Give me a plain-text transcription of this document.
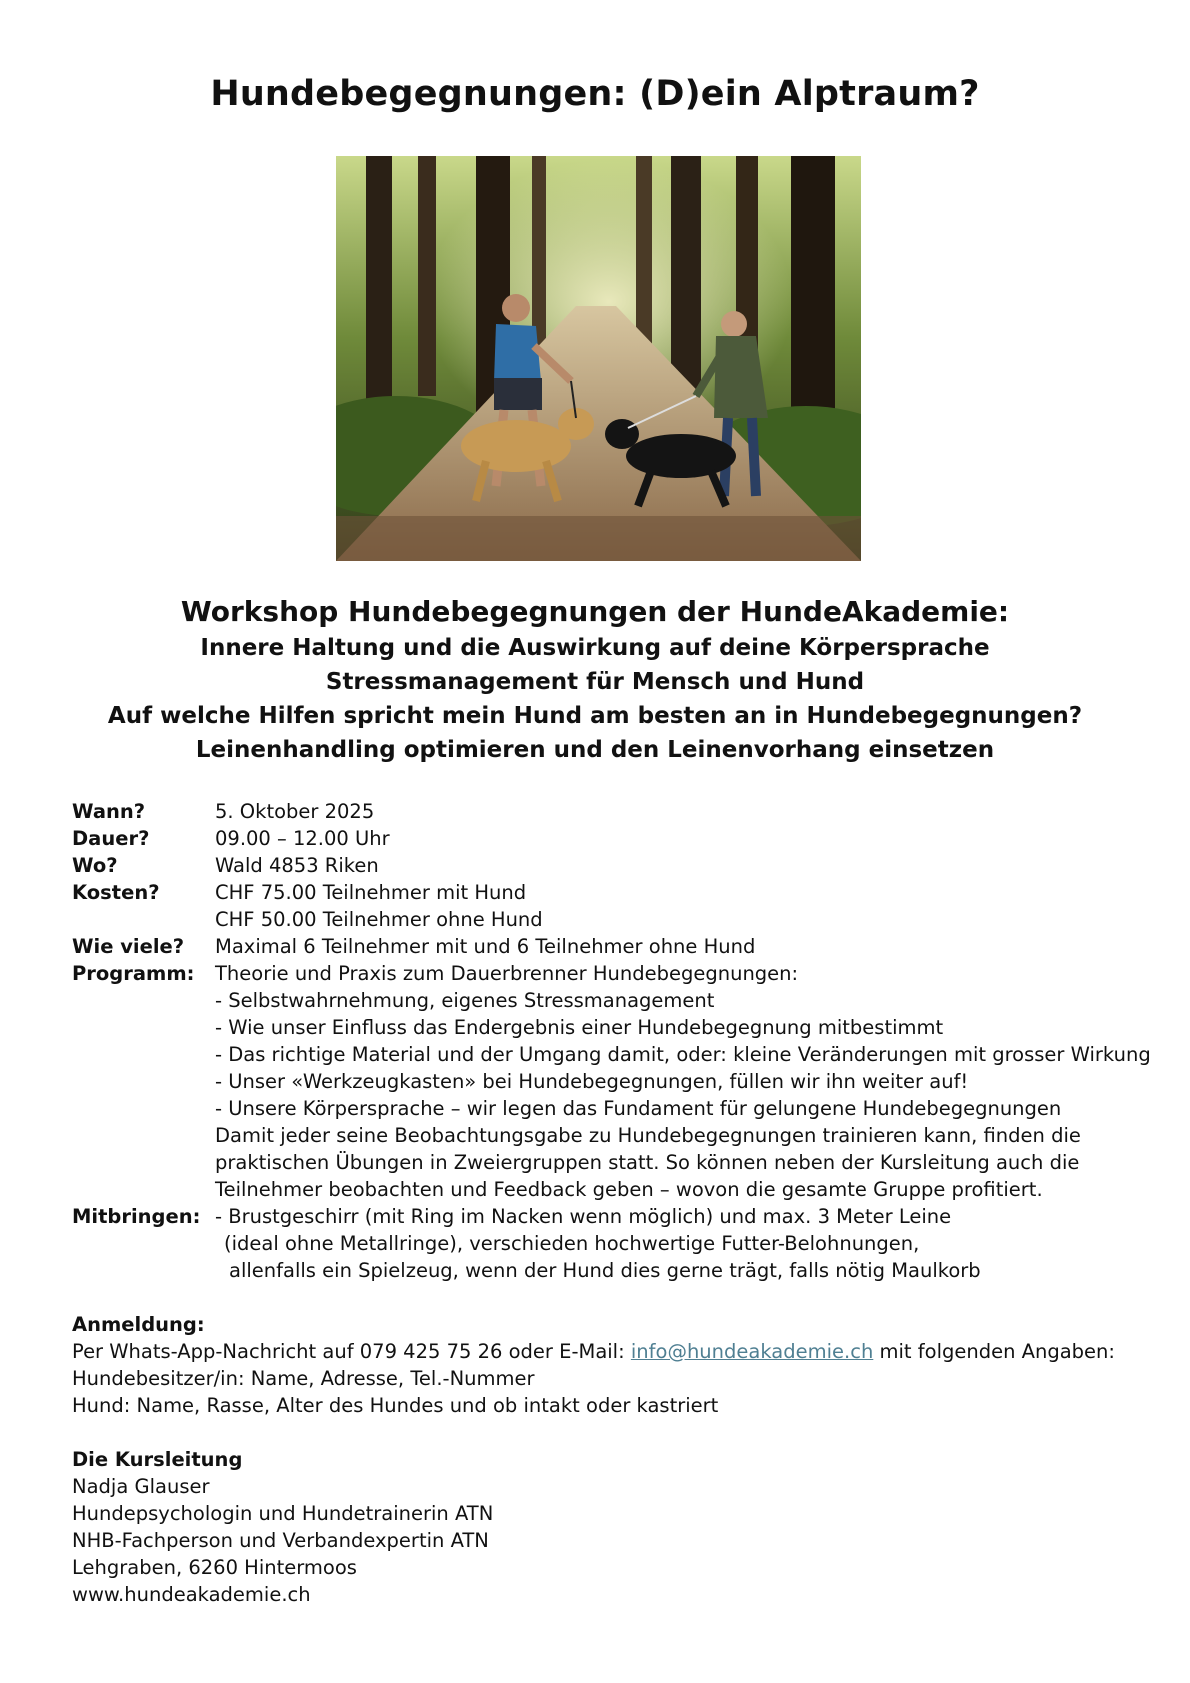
Hundebegegnungen: (D)ein Alptraum?
Workshop Hundebegegnungen der HundeAkademie:
Innere Haltung und die Auswirkung auf deine Körpersprache
Stressmanagement für Mensch und Hund
Auf welche Hilfen spricht mein Hund am besten an in Hundebegegnungen?
Leinenhandling optimieren und den Leinenvorhang einsetzen
Wann?	5. Oktober 2025
Dauer?	09.00 – 12.00 Uhr
Wo?	Wald 4853 Riken
Kosten?	CHF 75.00 Teilnehmer mit Hund
CHF 50.00 Teilnehmer ohne Hund
Wie viele?	Maximal 6 Teilnehmer mit und 6 Teilnehmer ohne Hund
Programm:	Theorie und Praxis zum Dauerbrenner Hundebegegnungen:
- Selbstwahrnehmung, eigenes Stressmanagement
- Wie unser Einfluss das Endergebnis einer Hundebegegnung mitbestimmt
- Das richtige Material und der Umgang damit, oder: kleine Veränderungen mit grosser Wirkung
- Unser «Werkzeugkasten» bei Hundebegegnungen, füllen wir ihn weiter auf!
- Unsere Körpersprache – wir legen das Fundament für gelungene Hundebegegnungen
Damit jeder seine Beobachtungsgabe zu Hundebegegnungen trainieren kann, finden die
praktischen Übungen in Zweiergruppen statt. So können neben der Kursleitung auch die
Teilnehmer beobachten und Feedback geben – wovon die gesamte Gruppe profitiert.
Mitbringen: - Brustgeschirr (mit Ring im Nacken wenn möglich) und max. 3 Meter Leine
(ideal ohne Metallringe), verschieden hochwertige Futter-Belohnungen,
allenfalls ein Spielzeug, wenn der Hund dies gerne trägt, falls nötig Maulkorb
Anmeldung:
Per Whats-App-Nachricht auf 079 425 75 26 oder E-Mail: info@hundeakademie.ch mit folgenden Angaben:
Hundebesitzer/in: Name, Adresse, Tel.-Nummer
Hund: Name, Rasse, Alter des Hundes und ob intakt oder kastriert
Die Kursleitung
Nadja Glauser
Hundepsychologin und Hundetrainerin ATN
NHB-Fachperson und Verbandexpertin ATN
Lehgraben, 6260 Hintermoos
www.hundeakademie.ch
